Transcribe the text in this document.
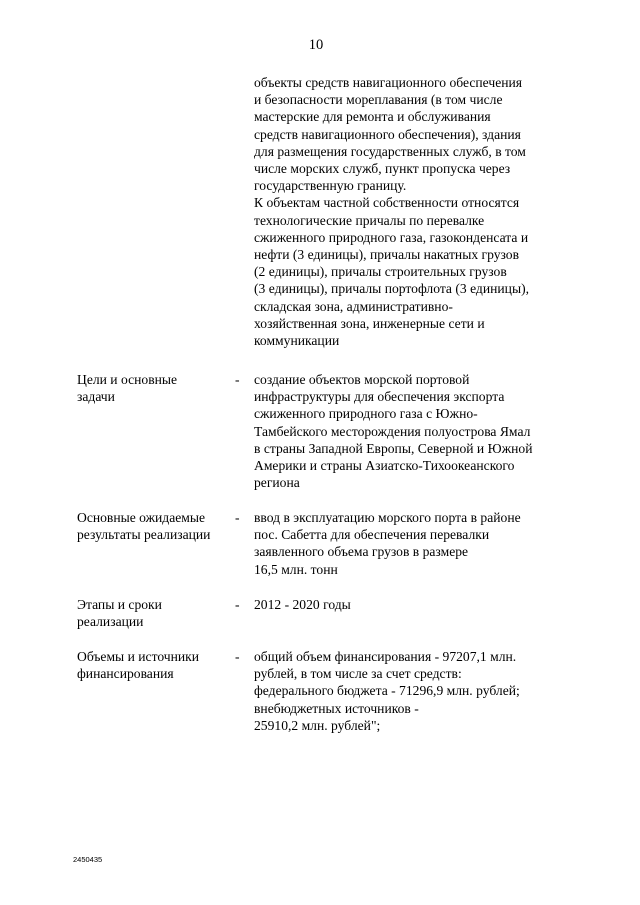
10
объекты средств навигационного обеспечения
и безопасности мореплавания (в том числе
мастерские для ремонта и обслуживания
средств навигационного обеспечения), здания
для размещения государственных служб, в том
числе морских служб, пункт пропуска через
государственную границу.
К объектам частной собственности относятся
технологические причалы по перевалке
сжиженного природного газа, газоконденсата и
нефти (3 единицы), причалы накатных грузов
(2 единицы), причалы строительных грузов
(3 единицы), причалы портофлота (3 единицы),
складская зона, административно-
хозяйственная зона, инженерные сети и
коммуникации
Цели и основные
задачи
- создание объектов морской портовой
инфраструктуры для обеспечения экспорта
сжиженного природного газа с Южно-
Тамбейского месторождения полуострова Ямал
в страны Западной Европы, Северной и Южной
Америки и страны Азиатско-Тихоокеанского
региона
Основные ожидаемые
результаты реализации
- ввод в эксплуатацию морского порта в районе
пос. Сабетта для обеспечения перевалки
заявленного объема грузов в размере
16,5 млн. тонн
Этапы и сроки
реализации
- 2012 - 2020 годы
Объемы и источники
финансирования
- общий объем финансирования - 97207,1 млн.
рублей, в том числе за счет средств:
федерального бюджета - 71296,9 млн. рублей;
внебюджетных источников -
25910,2 млн. рублей";
2450435
